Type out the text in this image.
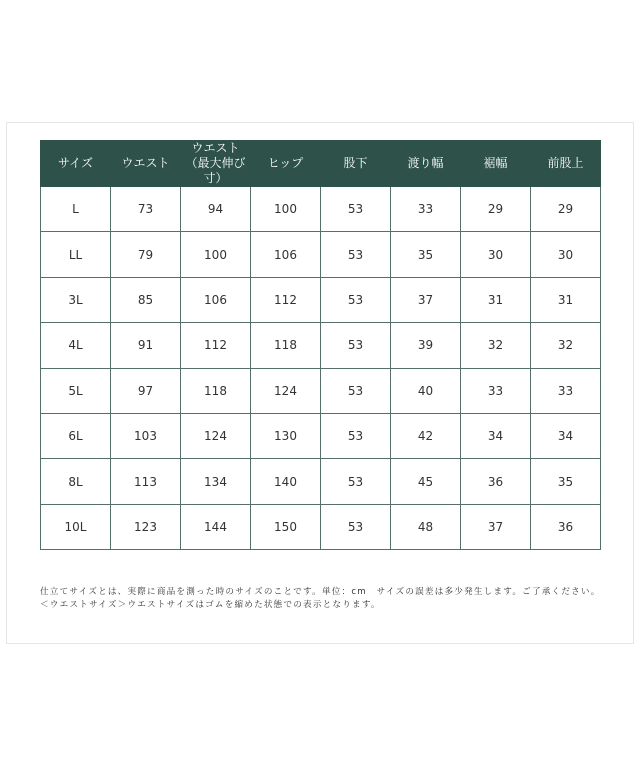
サイズ	ウエスト	ウエスト（最大伸び寸）	ヒップ	股下	渡り幅	裾幅	前股上
L	73	94	100	53	33	29	29
LL	79	100	106	53	35	30	30
3L	85	106	112	53	37	31	31
4L	91	112	118	53	39	32	32
5L	97	118	124	53	40	33	33
6L	103	124	130	53	42	34	34
8L	113	134	140	53	45	36	35
10L	123	144	150	53	48	37	36

仕立てサイズとは、実際に商品を測った時のサイズのことです。単位：cm　サイズの誤差は多少発生します。ご了承ください。＜ウエストサイズ＞ウエストサイズはゴムを縮めた状態での表示となります。
